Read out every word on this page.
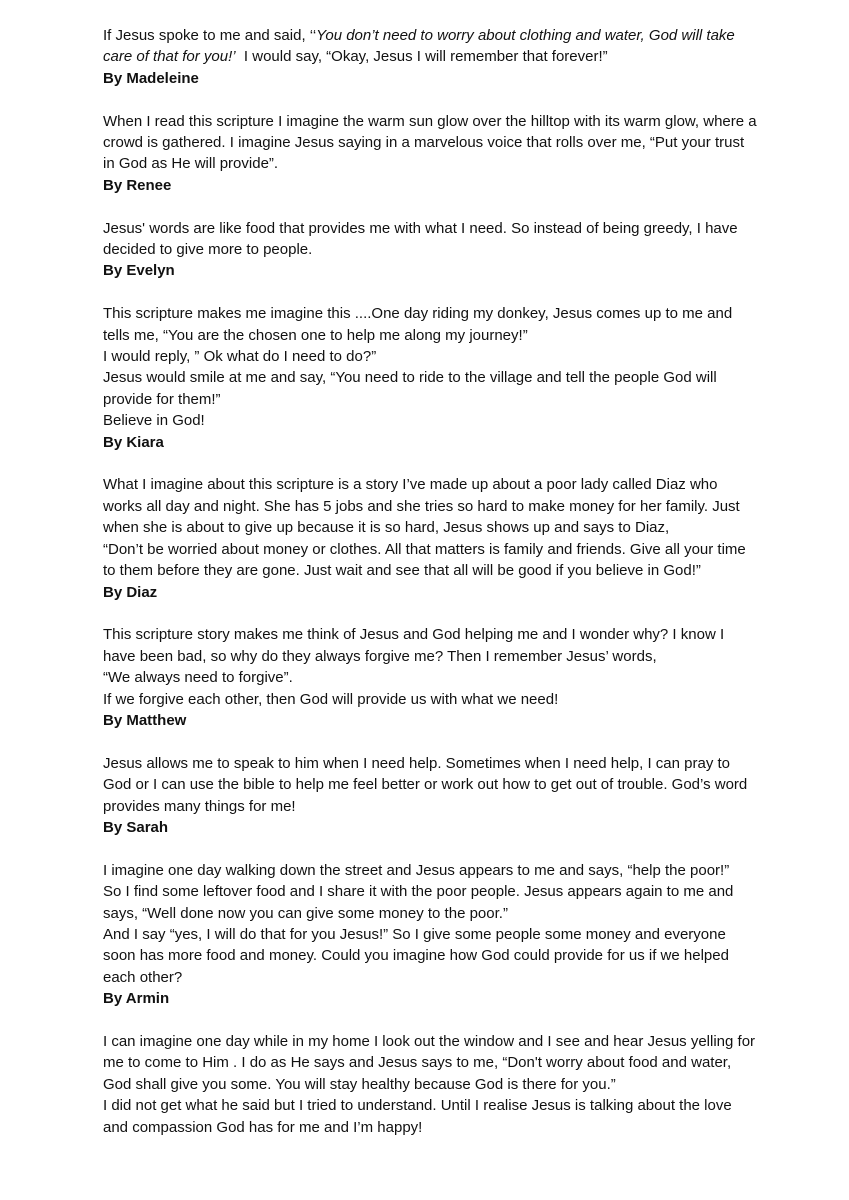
If Jesus spoke to me and said, ‘‘You don’t need to worry about clothing and water, God will take
care of that for you!’  I would say, “Okay, Jesus I will remember that forever!”
By Madeleine
When I read this scripture I imagine the warm sun glow over the hilltop with its warm glow, where a
crowd is gathered. I imagine Jesus saying in a marvelous voice that rolls over me, “Put your trust
in God as He will provide”.
By Renee
Jesus' words are like food that provides me with what I need. So instead of being greedy, I have
decided to give more to people.
By Evelyn
This scripture makes me imagine this ....One day riding my donkey, Jesus comes up to me and
tells me, “You are the chosen one to help me along my journey!”
I would reply, ” Ok what do I need to do?”
Jesus would smile at me and say, “You need to ride to the village and tell the people God will
provide for them!”
Believe in God!
By Kiara
What I imagine about this scripture is a story I’ve made up about a poor lady called Diaz who
works all day and night. She has 5 jobs and she tries so hard to make money for her family. Just
when she is about to give up because it is so hard, Jesus shows up and says to Diaz,
“Don’t be worried about money or clothes. All that matters is family and friends. Give all your time
to them before they are gone. Just wait and see that all will be good if you believe in God!”
By Diaz
This scripture story makes me think of Jesus and God helping me and I wonder why? I know I
have been bad, so why do they always forgive me? Then I remember Jesus’ words,
“We always need to forgive”.
If we forgive each other, then God will provide us with what we need!
By Matthew
Jesus allows me to speak to him when I need help. Sometimes when I need help, I can pray to
God or I can use the bible to help me feel better or work out how to get out of trouble. God’s word
provides many things for me!
By Sarah
I imagine one day walking down the street and Jesus appears to me and says, “help the poor!”
So I find some leftover food and I share it with the poor people. Jesus appears again to me and
says, “Well done now you can give some money to the poor.”
And I say “yes, I will do that for you Jesus!” So I give some people some money and everyone
soon has more food and money. Could you imagine how God could provide for us if we helped
each other?
By Armin
I can imagine one day while in my home I look out the window and I see and hear Jesus yelling for
me to come to Him . I do as He says and Jesus says to me, “Don't worry about food and water,
God shall give you some. You will stay healthy because God is there for you.”
I did not get what he said but I tried to understand. Until I realise Jesus is talking about the love
and compassion God has for me and I’m happy!
